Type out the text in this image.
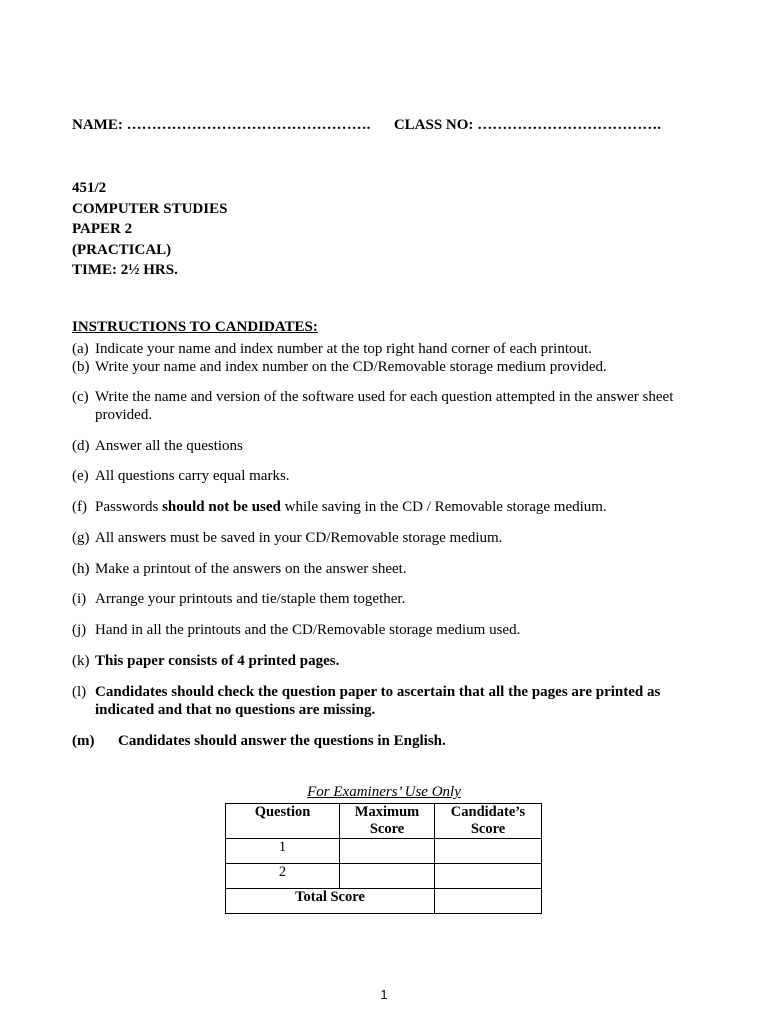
NAME: …………………………………………. CLASS NO: ……………………………….
451/2
COMPUTER STUDIES
PAPER 2
(PRACTICAL)
TIME: 2½ HRS.
INSTRUCTIONS TO CANDIDATES:
(a) Indicate your name and index number at the top right hand corner of each printout.
(b) Write your name and index number on the CD/Removable storage medium provided.
(c) Write the name and version of the software used for each question attempted in the answer sheet provided.
(d) Answer all the questions
(e) All questions carry equal marks.
(f) Passwords should not be used while saving in the CD / Removable storage medium.
(g) All answers must be saved in your CD/Removable storage medium.
(h) Make a printout of the answers on the answer sheet.
(i) Arrange your printouts and tie/staple them together.
(j) Hand in all the printouts and the CD/Removable storage medium used.
(k) This paper consists of 4 printed pages.
(l) Candidates should check the question paper to ascertain that all the pages are printed as indicated and that no questions are missing.
(m)	Candidates should answer the questions in English.
For Examiners’ Use Only
Question	Maximum Score	Candidate’s Score
1		
2		
Total Score		
1
